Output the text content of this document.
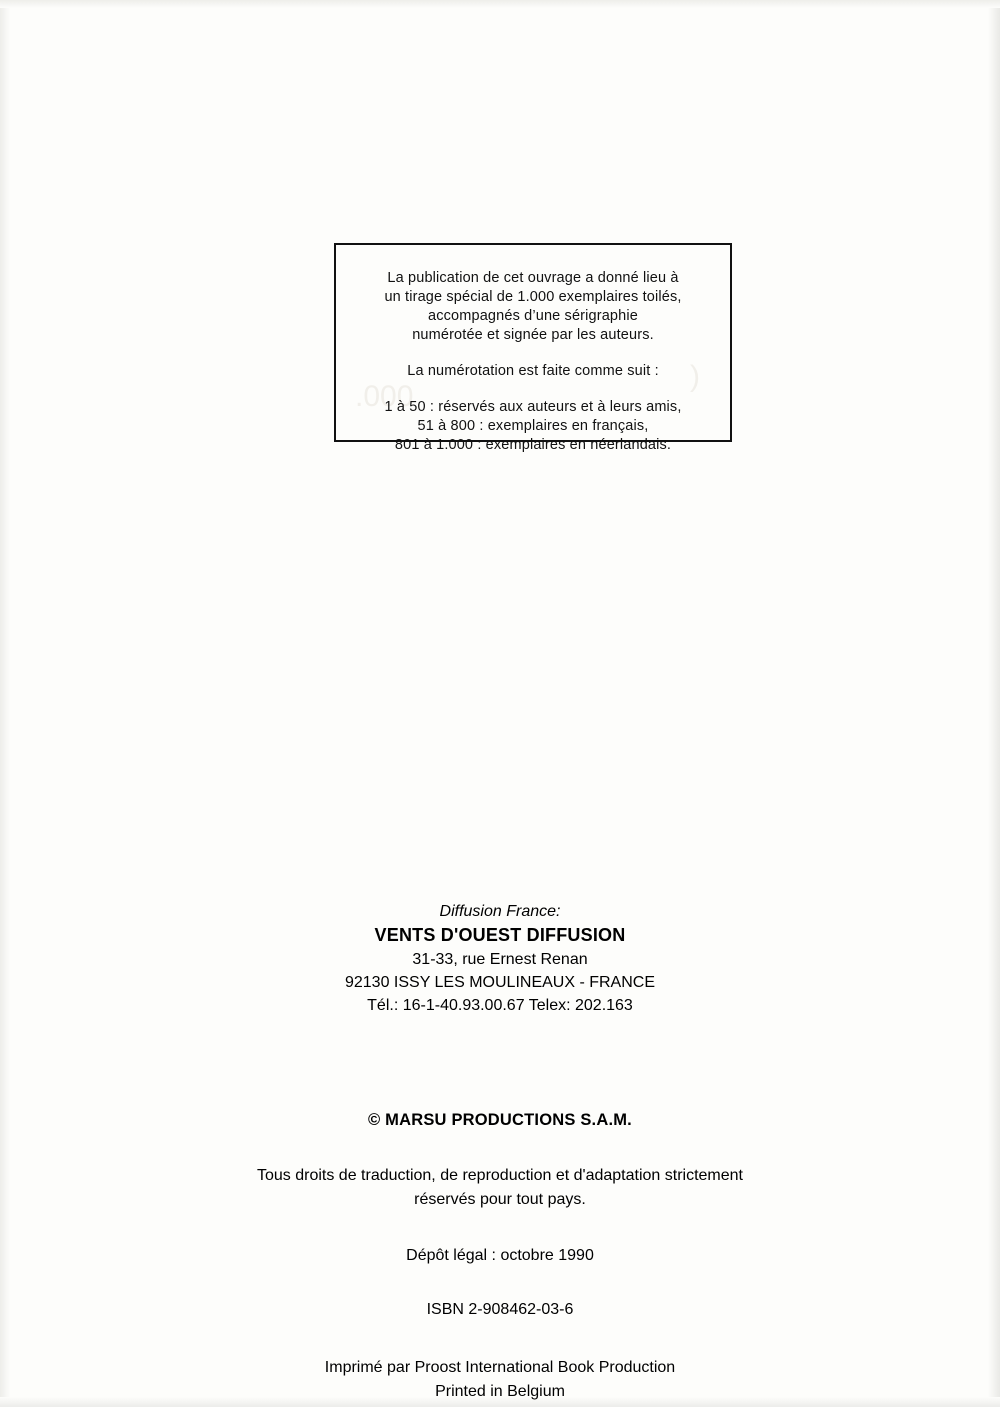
.000
)

La publication de cet ouvrage a donné lieu à
un tirage spécial de 1.000 exemplaires toilés,
accompagnés d’une sérigraphie
numérotée et signée par les auteurs.

La numérotation est faite comme suit :

1 à 50 : réservés aux auteurs et à leurs amis,
51 à 800 : exemplaires en français,
801 à 1.000 : exemplaires en néerlandais.

Diffusion France:
VENTS D'OUEST DIFFUSION
31-33, rue Ernest Renan
92130 ISSY LES MOULINEAUX - FRANCE
Tél.: 16-1-40.93.00.67 Telex: 202.163
© MARSU PRODUCTIONS S.A.M.
Tous droits de traduction, de reproduction et d'adaptation strictement
réservés pour tout pays.
Dépôt légal : octobre 1990
ISBN 2-908462-03-6
Imprimé par Proost International Book Production
Printed in Belgium
